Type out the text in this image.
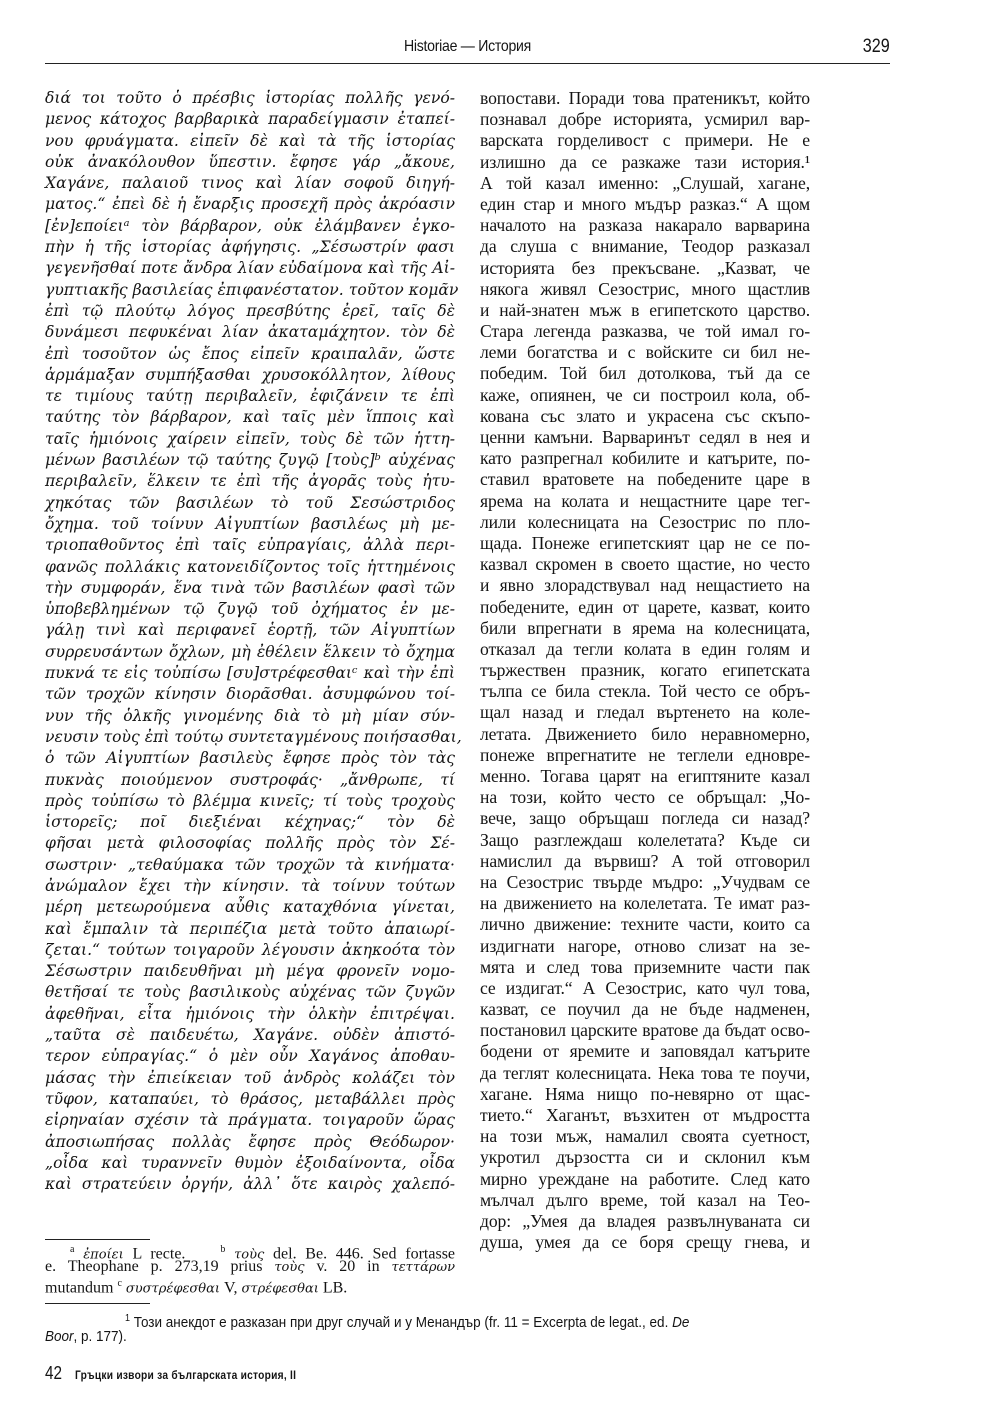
Historiae — История	329
διά τοι τοῦτο ὁ πρέσβις ἱστορίας πολλῆς γενό-
μενος κάτοχος βαρβαρικὰ παραδείγμασιν ἐταπεί-
νου φρυάγματα. εἰπεῖν δὲ καὶ τὰ τῆς ἱστορίας
οὐκ ἀνακόλουθον ὕπεστιν. ἔφησε γάρ „ἄκουε,
Χαγάνε, παλαιοῦ τινος καὶ λίαν σοφοῦ διηγή-
ματος.“ ἐπεὶ δὲ ἡ ἔναρξις προσεχῆ πρὸς ἀκρόασιν
[ἐν]εποίειᵃ τὸν βάρβαρον, οὐκ ἐλάμβανεν ἐγκο-
πὴν ἡ τῆς ἱστορίας ἀφήγησις. „Σέσωστρίν φασι
γεγενῆσθαί ποτε ἄνδρα λίαν εὐδαίμονα καὶ τῆς Αἰ-
γυπτιακῆς βασιλείας ἐπιφανέστατον. τοῦτον κομᾶν
ἐπὶ τῷ πλούτῳ λόγος πρεσβύτης ἐρεῖ, ταῖς δὲ
δυνάμεσι πεφυκέναι λίαν ἀκαταμάχητον. τὸν δὲ
ἐπὶ τοσοῦτον ὡς ἔπος εἰπεῖν κραιπαλᾶν, ὥστε
ἁρμάμαξαν συμπήξασθαι χρυσοκόλλητον, λίθους
τε τιμίους ταύτῃ περιβαλεῖν, ἐφιζάνειν τε ἐπὶ
ταύτης τὸν βάρβαρον, καὶ ταῖς μὲν ἵπποις καὶ
ταῖς ἡμιόνοις χαίρειν εἰπεῖν, τοὺς δὲ τῶν ἡττη-
μένων βασιλέων τῷ ταύτης ζυγῷ [τοὺς]ᵇ αὐχένας
περιβαλεῖν, ἕλκειν τε ἐπὶ τῆς ἀγορᾶς τοὺς ἠτυ-
χηκότας τῶν βασιλέων τὸ τοῦ Σεσώστριδος
ὄχημα. τοῦ τοίνυν Αἰγυπτίων βασιλέως μὴ με-
τριοπαθοῦντος ἐπὶ ταῖς εὐπραγίαις, ἀλλὰ περι-
φανῶς πολλάκις κατονειδίζοντος τοῖς ἡττημένοις
τὴν συμφοράν, ἕνα τινὰ τῶν βασιλέων φασὶ τῶν
ὑποβεβλημένων τῷ ζυγῷ τοῦ ὀχήματος ἐν με-
γάλῃ τινὶ καὶ περιφανεῖ ἑορτῇ, τῶν Αἰγυπτίων
συρρευσάντων ὄχλων, μὴ ἐθέλειν ἕλκειν τὸ ὄχημα
πυκνά τε εἰς τοὐπίσω [συ]στρέφεσθαιᶜ καὶ τὴν ἐπὶ
τῶν τροχῶν κίνησιν διορᾶσθαι. ἀσυμφώνου τοί-
νυν τῆς ὁλκῆς γινομένης διὰ τὸ μὴ μίαν σύν-
νευσιν τοὺς ἐπὶ τούτῳ συντεταγμένους ποιήσασθαι,
ὁ τῶν Αἰγυπτίων βασιλεὺς ἔφησε πρὸς τὸν τὰς
πυκνὰς ποιούμενον συστροφάς· „ἄνθρωπε, τί
πρὸς τοὐπίσω τὸ βλέμμα κινεῖς; τί τοὺς τροχοὺς
ἱστορεῖς; ποῖ διεξιέναι κέχηνας;“ τὸν δὲ
φῆσαι μετὰ φιλοσοφίας πολλῆς πρὸς τὸν Σέ-
σωστριν· „τεθαύμακα τῶν τροχῶν τὰ κινήματα·
ἀνώμαλον ἔχει τὴν κίνησιν. τὰ τοίνυν τούτων
μέρη μετεωρούμενα αὖθις καταχθόνια γίνεται,
καὶ ἔμπαλιν τὰ περιπέζια μετὰ τοῦτο ἀπαιωρί-
ζεται.“ τούτων τοιγαροῦν λέγουσιν ἀκηκοότα τὸν
Σέσωστριν παιδευθῆναι μὴ μέγα φρονεῖν νομο-
θετῆσαί τε τοὺς βασιλικοὺς αὐχένας τῶν ζυγῶν
ἀφεθῆναι, εἶτα ἡμιόνοις τὴν ὁλκὴν ἐπιτρέψαι.
„ταῦτα σὲ παιδευέτω, Χαγάνε. οὐδὲν ἀπιστό-
τερον εὐπραγίας.“ ὁ μὲν οὖν Χαγάνος ἀποθαυ-
μάσας τὴν ἐπιείκειαν τοῦ ἀνδρὸς κολάζει τὸν
τῦφον, καταπαύει, τὸ θράσος, μεταβάλλει πρὸς
εἰρηναίαν σχέσιν τὰ πράγματα. τοιγαροῦν ὥρας
ἀποσιωπήσας πολλὰς ἔφησε πρὸς Θεόδωρον·
„οἶδα καὶ τυραννεῖν θυμὸν ἐξοιδαίνοντα, οἶδα
καὶ στρατεύειν ὀργήν, ἀλλ᾽ ὅτε καιρὸς χαλεπό-
вопостави. Поради това пратеникът, който
познавал добре историята, усмирил вар-
варската горделивост с примери. Не е
излишно да се разкаже тази история.¹
А той казал именно: „Слушай, хагане,
един стар и много мъдър разказ.“ А щом
началото на разказа накарало варварина
да слуша с внимание, Теодор разказал
историята без прекъсване. „Казват, че
някога живял Сезострис, много щастлив
и най-знатен мъж в египетското царство.
Стара легенда разказва, че той имал го-
леми богатства и с войските си бил не-
победим. Той бил дотолкова, тъй да се
каже, опиянен, че си построил кола, об-
кована със злато и украсена със скъпо-
ценни камъни. Варваринът седял в нея и
като разпрегнал кобилите и катърите, по-
ставил вратовете на победените царе в
ярема на колата и нещастните царе тег-
лили колесницата на Сезострис по пло-
щада. Понеже египетският цар не се по-
казвал скромен в своето щастие, но често
и явно злорадствувал над нещастието на
победените, един от царете, казват, които
били впрегнати в ярема на колесницата,
отказал да тегли колата в един голям и
тържествен празник, когато египетската
тълпа се била стекла. Той често се обръ-
щал назад и гледал въртенето на коле-
летата. Движението било неравномерно,
понеже впрегнатите не теглели едновре-
менно. Тогава царят на египтяните казал
на този, който често се обръщал: „Чо-
вече, защо обръщаш погледа си назад?
Защо разглеждаш колелетата? Къде си
намислил да вървиш? А той отговорил
на Сезострис твърде мъдро: „Учудвам се
на движението на колелетата. Те имат раз-
лично движение: техните части, които са
издигнати нагоре, отново слизат на зе-
мята и след това приземните части пак
се издигат.“ А Сезострис, като чул това,
казват, се поучил да не бъде надменен,
постановил царските вратове да бъдат осво-
бодени от яремите и заповядал катърите
да теглят колесницата. Нека това те поучи,
хагане. Няма нищо по-невярно от щас-
тието.“ Хаганът, възхитен от мъдростта
на този мъж, намалил своята суетност,
укротил дързостта си и склонил към
мирно уреждане на работите. След като
мълчал дълго време, той казал на Тео-
дор: „Умея да владея развълнуваната си
душа, умея да се боря срещу гнева, и
$^a$ ἐποίει L recte.	$^b$ τοὺς del. Be. 446. Sed fortasse
e. Theophane p. 273,19 prius τοὺς v. 20 in τεττάρων
mutandum $^c$ συστρέφεσθαι V, στρέφεσθαι LB.
$^1$ Този анекдот е разказан при друг случай и у Менандър (fr. 11 = Excerpta de legat., ed. De
Boor, p. 177).
42 Гръцки извори за българската история, II
